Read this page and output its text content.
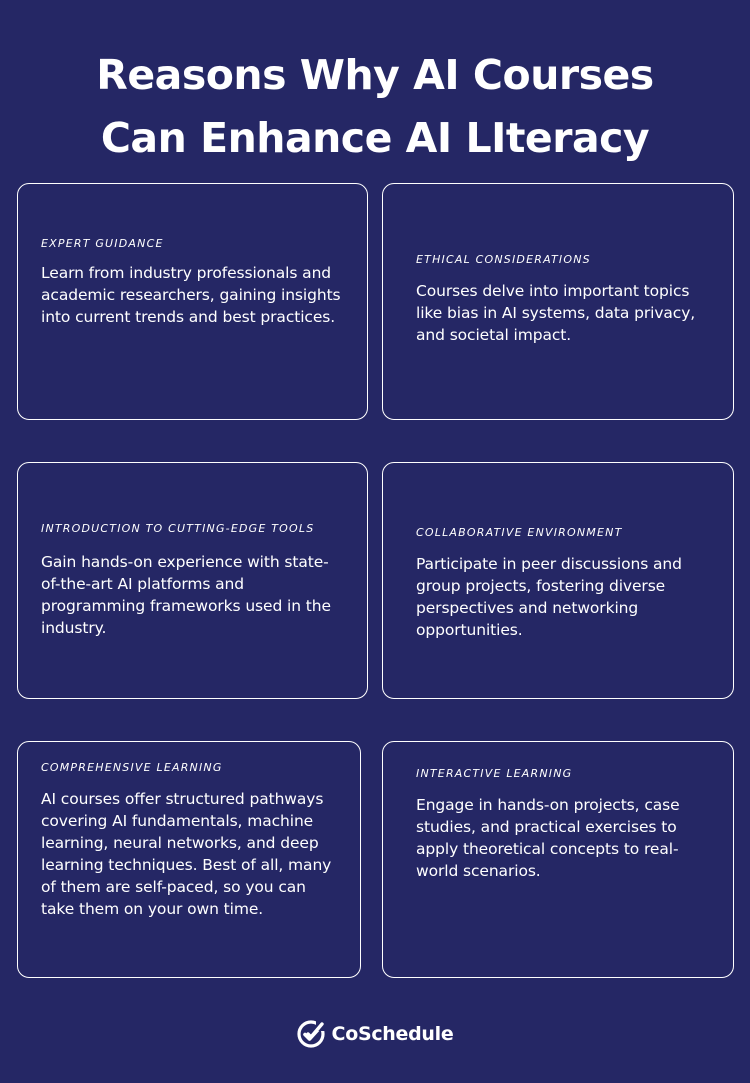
Reasons Why AI Courses
Can Enhance AI LIteracy
EXPERT GUIDANCE
Learn from industry professionals and academic researchers, gaining insights into current trends and best practices.
ETHICAL CONSIDERATIONS
Courses delve into important topics like bias in AI systems, data privacy, and societal impact.
INTRODUCTION TO CUTTING-EDGE TOOLS
Gain hands-on experience with state-of-the-art AI platforms and programming frameworks used in the industry.
COLLABORATIVE ENVIRONMENT
Participate in peer discussions and group projects, fostering diverse perspectives and networking opportunities.
COMPREHENSIVE LEARNING
AI courses offer structured pathways covering AI fundamentals, machine learning, neural networks, and deep learning techniques. Best of all, many of them are self-paced, so you can take them on your own time.
INTERACTIVE LEARNING
Engage in hands-on projects, case studies, and practical exercises to apply theoretical concepts to real-world scenarios.
CoSchedule
